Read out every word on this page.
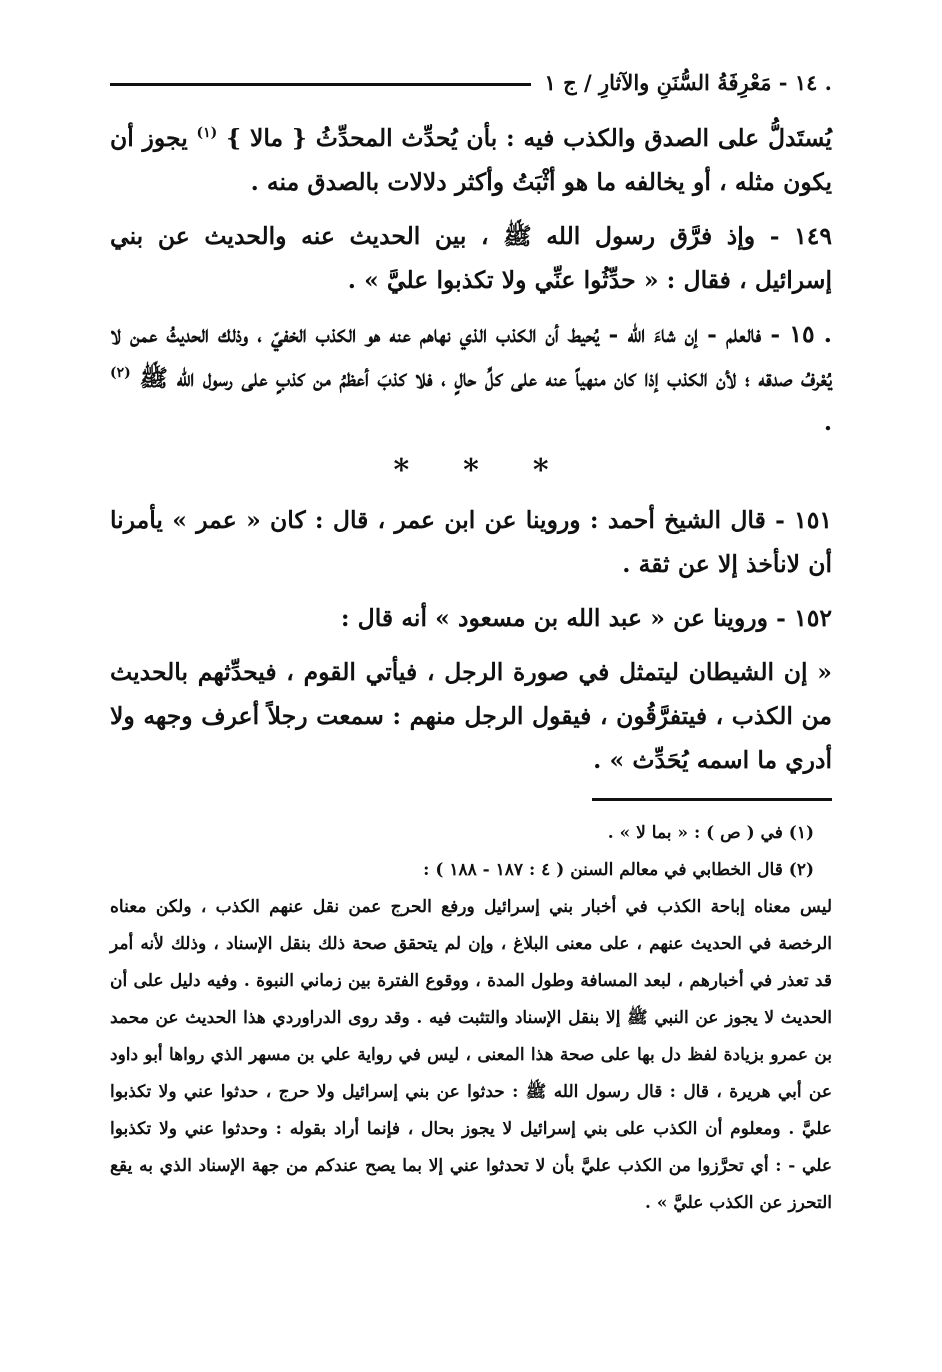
. ١٤ - مَعْرِفَةُ السُّنَنِ والآثارِ / ج ١

يُستَدلُّ على الصدق والكذب فيه : بأن يُحدِّث المحدِّثُ { مالا } $^{(١)}$ يجوز أن يكون مثله ، أو يخالفه ما هو أثْبَتُ وأكثر دلالات بالصدق منه .

١٤٩ - وإذ فرَّق رسول الله ﷺ ، بين الحديث عنه والحديث عن بني إسرائيل ، فقال : « حدِّثُوا عنِّي ولا تكذبوا عليَّ » .

. ١٥ - فالعلم - إن شاءَ اللّٰه - يُحيط أن الكذب الذي نهاهم عنه هو الكذب الخفيّ ، وذلك الحديثُ عمن لا يُعْرفُ صدقه ؛ لأن الكذب إذا كان منهياً عنه على كلِّ حالٍ ، فلا كذبَ أعظمُ من كذبٍ على رسول الله ﷺ $^{(٢)}$ .

*
*
*

١٥١ - قال الشيخ أحمد : وروينا عن ابن عمر ، قال : كان « عمر » يأمرنا أن لانأخذ إلا عن ثقة .

١٥٢ - وروينا عن « عبد الله بن مسعود » أنه قال :

« إن الشيطان ليتمثل في صورة الرجل ، فيأتي القوم ، فيحدِّثهم بالحديث من الكذب ، فيتفرَّقُون ، فيقول الرجل منهم : سمعت رجلاً أعرف وجهه ولا أدري ما اسمه يُحَدِّث » .

(١) في ( ص ) : « بما لا » .

(٢) قال الخطابي في معالم السنن ( ٤ : ١٨٧ - ١٨٨ ) :

ليس معناه إباحة الكذب في أخبار بني إسرائيل ورفع الحرج عمن نقل عنهم الكذب ، ولكن معناه الرخصة في الحديث عنهم ، على معنى البلاغ ، وإن لم يتحقق صحة ذلك بنقل الإسناد ، وذلك لأنه أمر قد تعذر في أخبارهم ، لبعد المسافة وطول المدة ، ووقوع الفترة بين زماني النبوة . وفيه دليل على أن الحديث لا يجوز عن النبي ﷺ إلا بنقل الإسناد والتثبت فيه . وقد روى الدراوردي هذا الحديث عن محمد بن عمرو بزيادة لفظ دل بها على صحة هذا المعنى ، ليس في رواية علي بن مسهر الذي رواها أبو داود عن أبي هريرة ، قال : قال رسول الله ﷺ : حدثوا عن بني إسرائيل ولا حرج ، حدثوا عني ولا تكذبوا عليَّ . ومعلوم أن الكذب على بني إسرائيل لا يجوز بحال ، فإنما أراد بقوله : وحدثوا عني ولا تكذبوا علي - : أي تحرَّزوا من الكذب عليَّ بأن لا تحدثوا عني إلا بما يصح عندكم من جهة الإسناد الذي به يقع التحرز عن الكذب عليَّ » .
